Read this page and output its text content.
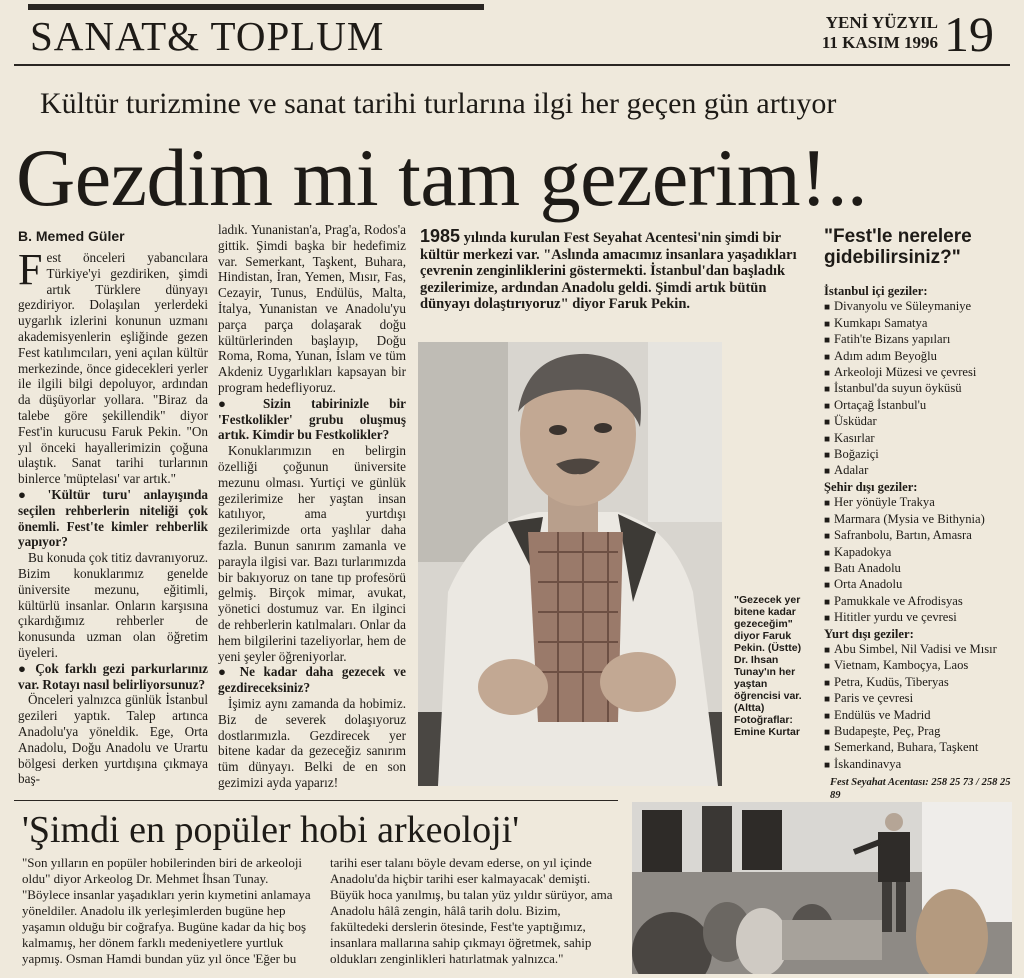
SANAT& TOPLUM	YENİ YÜZYIL
11 KASIM 1996 19
Kültür turizmine ve sanat tarihi turlarına ilgi her geçen gün artıyor
Gezdim mi tam gezerim!..
B. Memed Güler

Fest önceleri yabancılara Türkiye'yi gezdiriken, şimdi artık Türklere dünyayı gezdiriyor. Dolaşılan yerlerdeki uygarlık izlerini konunun uzmanı akademisyenlerin eşliğinde gezen Fest katılımcıları, yeni açılan kültür merkezinde, önce gidecekleri yerler ile ilgili bilgi depoluyor, ardından da düşüyorlar yollara. "Biraz da talebe göre şekillendik" diyor Fest'in kurucusu Faruk Pekin. "On yıl önceki hayallerimizin çoğuna ulaştık. Sanat tarihi turlarının binlerce 'müptelası' var artık."

● 'Kültür turu' anlayışında seçilen rehberlerin niteliği çok önemli. Fest'te kimler rehberlik yapıyor?

Bu konuda çok titiz davranıyoruz. Bizim konuklarımız genelde üniversite mezunu, eğitimli, kültürlü insanlar. Onların karşısına çıkardığımız rehberler de konusunda uzman olan öğretim üyeleri.

● Çok farklı gezi parkurlarınız var. Rotayı nasıl belirliyorsunuz?

Önceleri yalnızca günlük İstanbul gezileri yaptık. Talep artınca Anadolu'ya yöneldik. Ege, Orta Anadolu, Doğu Anadolu ve Urartu bölgesi derken yurtdışına çıkmaya baş-

ladık. Yunanistan'a, Prag'a, Rodos'a gittik. Şimdi başka bir hedefimiz var. Semerkant, Taşkent, Buhara, Hindistan, İran, Yemen, Mısır, Fas, Cezayir, Tunus, Endülüs, Malta, İtalya, Yunanistan ve Anadolu'yu parça parça dolaşarak doğu kültürlerinden başlayıp, Doğu Roma, Roma, Yunan, İslam ve tüm Akdeniz Uygarlıkları kapsayan bir program hedefliyoruz.

● Sizin tabirinizle bir 'Festkolikler' grubu oluşmuş artık. Kimdir bu Festkolikler?

Konuklarımızın en belirgin özelliği çoğunun üniversite mezunu olması. Yurtiçi ve günlük gezilerimize her yaştan insan katılıyor, ama yurtdışı gezilerimizde orta yaşlılar daha fazla. Bunun sanırım zamanla ve parayla ilgisi var. Bazı turlarımızda bir bakıyoruz on tane tıp profesörü gelmiş. Birçok mimar, avukat, yönetici dostumuz var. En ilginci de rehberlerin katılmaları. Onlar da hem bilgilerini tazeliyorlar, hem de yeni şeyler öğreniyorlar.

● Ne kadar daha gezecek ve gezdireceksiniz?

İşimiz aynı zamanda da hobimiz. Biz de severek dolaşıyoruz dostlarımızla. Gezdirecek yer bitene kadar da gezeceğiz sanırım tüm dünyayı. Belki de en son gezimizi ayda yaparız!

1985 yılında kurulan Fest Seyahat Acentesi'nin şimdi bir kültür merkezi var. "Aslında amacımız insanlara yaşadıkları çevrenin zenginliklerini göstermekti. İstanbul'dan başladık gezilerimize, ardından Anadolu geldi. Şimdi artık bütün dünyayı dolaştırıyoruz" diyor Faruk Pekin.
"Gezecek yer bitene kadar gezeceğim" diyor Faruk Pekin. (Üstte) Dr. Ihsan Tunay'ın her yaştan öğrencisi var. (Altta) Fotoğraflar: Emine Kurtar
"Fest'le nerelere gidebilirsiniz?"
İstanbul içi geziler:
■ Divanyolu ve Süleymaniye
■ Kumkapı Samatya
■ Fatih'te Bizans yapıları
■ Adım adım Beyoğlu
■ Arkeoloji Müzesi ve çevresi
■ İstanbul'da suyun öyküsü
■ Ortaçağ İstanbul'u
■ Üsküdar
■ Kasırlar
■ Boğaziçi
■ Adalar
Şehir dışı geziler:
■ Her yönüyle Trakya
■ Marmara (Mysia ve Bithynia)
■ Safranbolu, Bartın, Amasra
■ Kapadokya
■ Batı Anadolu
■ Orta Anadolu
■ Pamukkale ve Afrodisyas
■ Hititler yurdu ve çevresi
Yurt dışı geziler:
■ Abu Simbel, Nil Vadisi ve Mısır
■ Vietnam, Kamboçya, Laos
■ Petra, Kudüs, Tiberyas
■ Paris ve çevresi
■ Endülüs ve Madrid
■ Budapeşte, Peç, Prag
■ Semerkand, Buhara, Taşkent
■ İskandinavya
Fest Seyahat Acentası: 258 25 73 / 258 25 89
'Şimdi en popüler hobi arkeoloji'
"Son yılların en popüler hobilerinden biri de arkeoloji oldu" diyor Arkeolog Dr. Mehmet İhsan Tunay. "Böylece insanlar yaşadıkları yerin kıymetini anlamaya yöneldiler. Anadolu ilk yerleşimlerden bugüne hep yaşamın olduğu bir coğrafya. Bugüne kadar da hiç boş kalmamış, her dönem farklı medeniyetlere yurtluk yapmış. Osman Hamdi bundan yüz yıl önce 'Eğer bu
tarihi eser talanı böyle devam ederse, on yıl içinde Anadolu'da hiçbir tarihi eser kalmayacak' demişti. Büyük hoca yanılmış, bu talan yüz yıldır sürüyor, ama Anadolu hâlâ zengin, hâlâ tarih dolu. Bizim, fakültedeki derslerin ötesinde, Fest'te yaptığımız, insanlara mallarına sahip çıkmayı öğretmek, sahip oldukları zenginlikleri hatırlatmak yalnızca."
